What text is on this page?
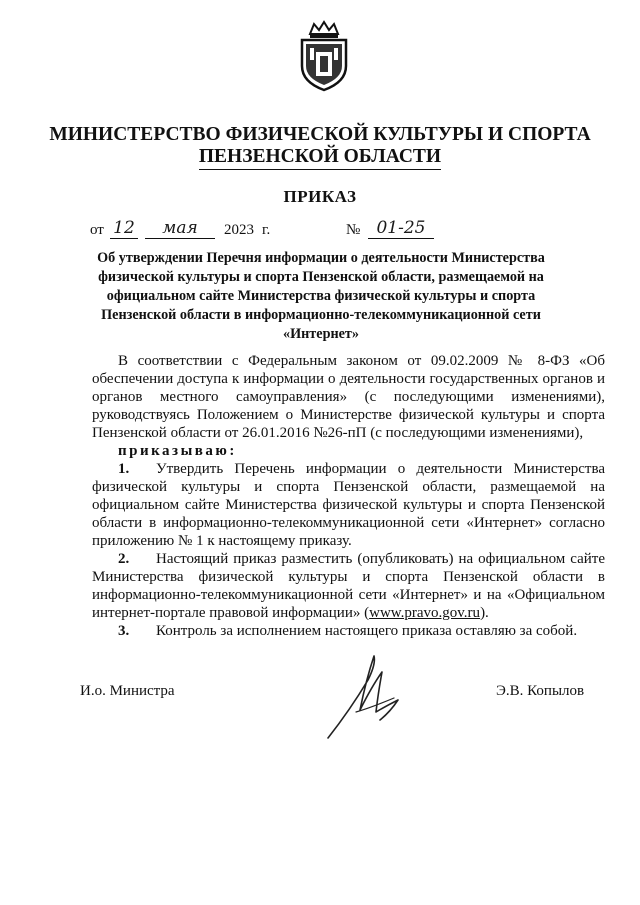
МИНИСТЕРСТВО ФИЗИЧЕСКОЙ КУЛЬТУРЫ И СПОРТА
ПЕНЗЕНСКОЙ ОБЛАСТИ
ПРИКАЗ
от 12	мая	2023 г.	№ 01-25
Об утверждении Перечня информации о деятельности Министерства физической культуры и спорта Пензенской области, размещаемой на официальном сайте Министерства физической культуры и спорта Пензенской области в информационно-телекоммуникационной сети «Интернет»

В соответствии с Федеральным законом от 09.02.2009 № 8-ФЗ «Об обеспечении доступа к информации о деятельности государственных органов и органов местного самоуправления» (с последующими изменениями), руководствуясь Положением о Министерстве физической культуры и спорта Пензенской области от 26.01.2016 №26-пП (с последующими изменениями),

приказываю:

1. Утвердить Перечень информации о деятельности Министерства физической культуры и спорта Пензенской области, размещаемой на официальном сайте Министерства физической культуры и спорта Пензенской области в информационно-телекоммуникационной сети «Интернет» согласно приложению № 1 к настоящему приказу.

2. Настоящий приказ разместить (опубликовать) на официальном сайте Министерства физической культуры и спорта Пензенской области в информационно-телекоммуникационной сети «Интернет» и на «Официальном интернет-портале правовой информации» (www.pravo.gov.ru).

3. Контроль за исполнением настоящего приказа оставляю за собой.

И.о. Министра	Э.В. Копылов
